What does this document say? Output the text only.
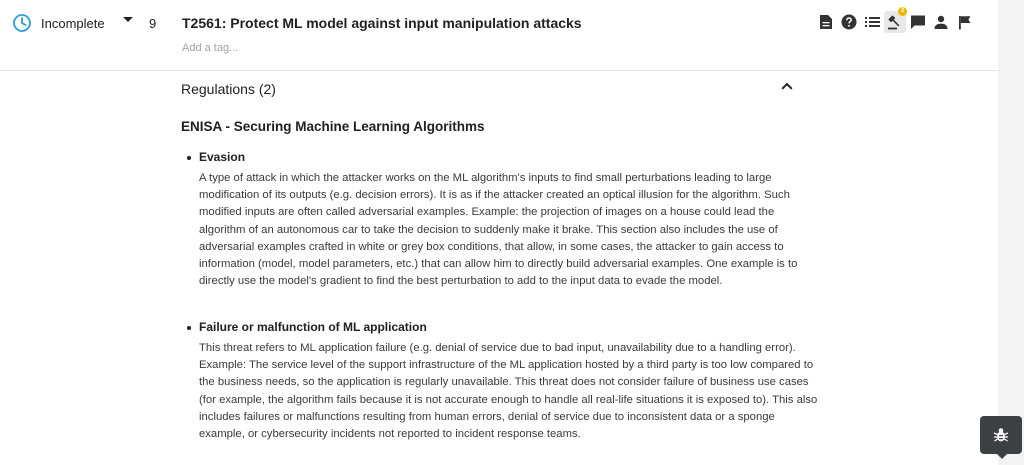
Incomplete	9 T2561: Protect ML model against input manipulation attacks
Add a tag...
2
Regulations (2)
ENISA - Securing Machine Learning Algorithms
Evasion
A type of attack in which the attacker works on the ML algorithm's inputs to find small perturbations leading to large modification of its outputs (e.g. decision errors). It is as if the attacker created an optical illusion for the algorithm. Such modified inputs are often called adversarial examples. Example: the projection of images on a house could lead the algorithm of an autonomous car to take the decision to suddenly make it brake. This section also includes the use of adversarial examples crafted in white or grey box conditions, that allow, in some cases, the attacker to gain access to information (model, model parameters, etc.) that can allow him to directly build adversarial examples. One example is to directly use the model's gradient to find the best perturbation to add to the input data to evade the model.
Failure or malfunction of ML application
This threat refers to ML application failure (e.g. denial of service due to bad input, unavailability due to a handling error). Example: The service level of the support infrastructure of the ML application hosted by a third party is too low compared to the business needs, so the application is regularly unavailable. This threat does not consider failure of business use cases (for example, the algorithm fails because it is not accurate enough to handle all real-life situations it is exposed to). This also includes failures or malfunctions resulting from human errors, denial of service due to inconsistent data or a sponge example, or cybersecurity incidents not reported to incident response teams.
